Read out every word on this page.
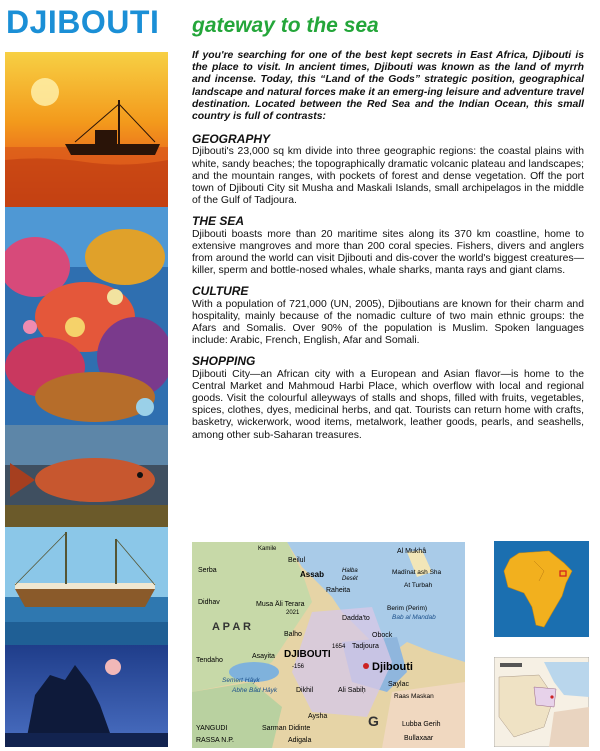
DJIBOUTI gateway to the sea

If you're searching for one of the best kept secrets in East Africa, Djibouti is the place to visit. In ancient times, Djibouti was known as the land of myrrh and incense. Today, this “Land of the Gods” strategic position, geographical landscape and natural forces make it an emerg-ing leisure and adventure travel destination. Located between the Red Sea and the Indian Ocean, this small country is full of contrasts:

GEOGRAPHY

Djibouti's 23,000 sq km divide into three geographic regions: the coastal plains with white, sandy beaches; the topographically dramatic volcanic plateau and landscapes; and the mountain ranges, with pockets of forest and dense vegetation. Off the port town of Djibouti City sit Musha and Maskali Islands, small archipelagos in the middle of the Gulf of Tadjoura.

THE SEA

Djibouti boasts more than 20 maritime sites along its 370 km coastline, home to extensive mangroves and more than 200 coral species. Fishers, divers and anglers from around the world can visit Djibouti and dis-cover the world's biggest creatures—killer, sperm and bottle-nosed whales, whale sharks, manta rays and giant clams.

CULTURE

With a population of 721,000 (UN, 2005), Djiboutians are known for their charm and hospitality, mainly because of the nomadic culture of two main ethnic groups: the Afars and Somalis. Over 90% of the population is Muslim. Spoken languages include: Arabic, French, English, Afar and Somali.

SHOPPING

Djibouti City—an African city with a European and Asian flavor—is home to the Central Market and Mahmoud Harbi Place, which overflow with local and regional goods. Visit the colourful alleyways of stalls and shops, filled with fruits, vegetables, spices, clothes, dyes, medicinal herbs, and qat. Tourists can return home with crafts, basketry, wickerwork, wood items, metalwork, leather goods, pearls, and seashells, among other sub-Saharan treasures.

Kamile
Assab
Beilul
Halba
Desét
Raheita
Al Mukhâ
Madînat ash Sha
At Turbah
Berim (Perim)
Bab al Mandab
Serba
Didhav	Musa Äli Terara
2021
A P A R
Balho
Dadda'to
Obock
1654 Tadjoura
Tendaho
Asayita DJIBOUTI
-156	Djibouti
Semert Hâyk
Abhe Bâd Hâyk	Dikhil	Ali Sabiḥ
Saylac
Raas Maskan
Aysha	G	Lubba Gerih
YANGUDI	Sarman Didinte
RASSA N.P.	Adigala	Bullaxaar
